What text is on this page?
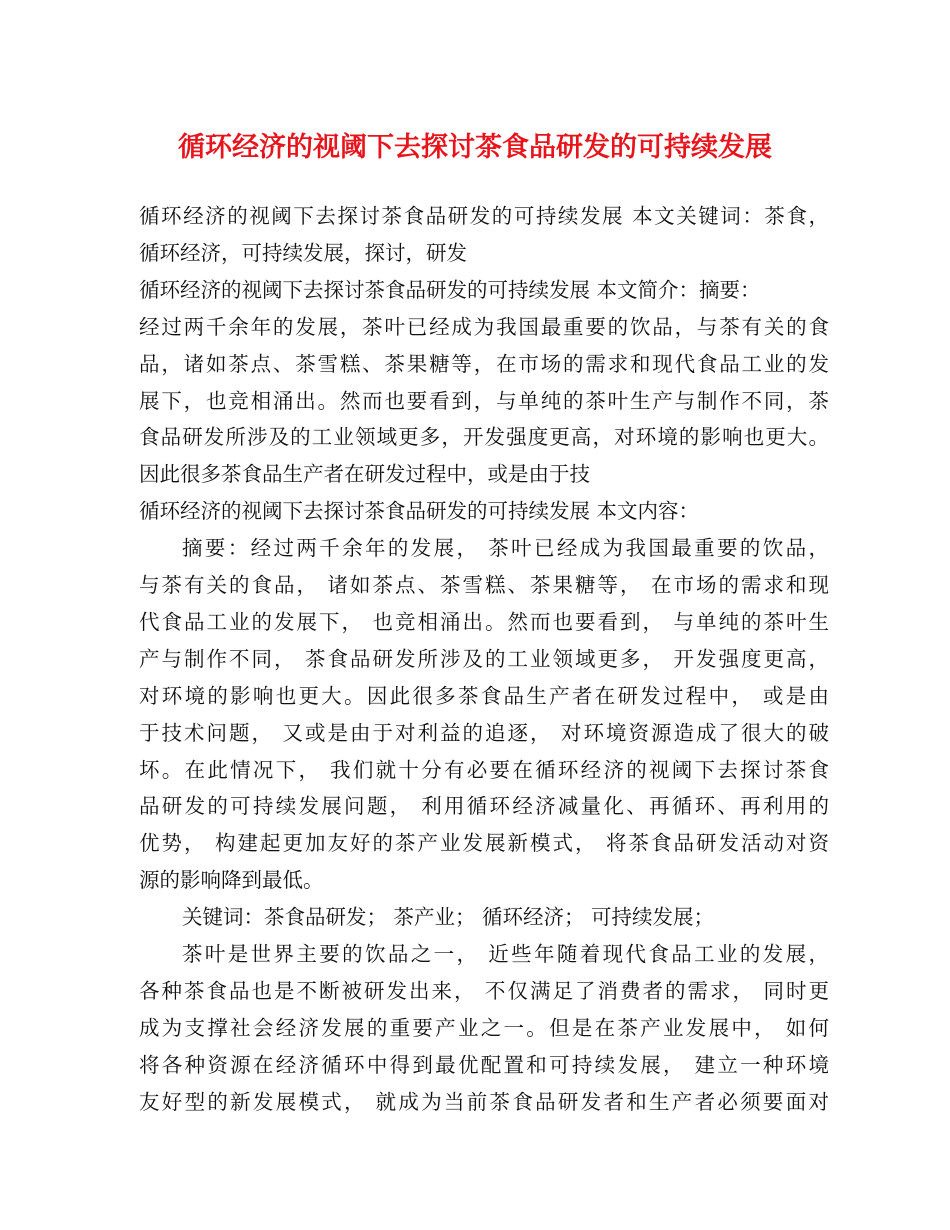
循环经济的视阈下去探讨茶食品研发的可持续发展
循环经济的视阈下去探讨茶食品研发的可持续发展 本文关键词：茶食，
循环经济，可持续发展，探讨，研发
循环经济的视阈下去探讨茶食品研发的可持续发展 本文简介：摘要：
经过两千余年的发展，茶叶已经成为我国最重要的饮品，与茶有关的食
品，诸如茶点、茶雪糕、茶果糖等，在市场的需求和现代食品工业的发
展下，也竞相涌出。然而也要看到，与单纯的茶叶生产与制作不同，茶
食品研发所涉及的工业领域更多，开发强度更高，对环境的影响也更大。
因此很多茶食品生产者在研发过程中，或是由于技
循环经济的视阈下去探讨茶食品研发的可持续发展 本文内容：
摘要：经过两千余年的发展， 茶叶已经成为我国最重要的饮品，
与茶有关的食品， 诸如茶点、茶雪糕、茶果糖等， 在市场的需求和现
代食品工业的发展下， 也竞相涌出。然而也要看到， 与单纯的茶叶生
产与制作不同， 茶食品研发所涉及的工业领域更多， 开发强度更高，
对环境的影响也更大。因此很多茶食品生产者在研发过程中， 或是由
于技术问题， 又或是由于对利益的追逐， 对环境资源造成了很大的破
坏。在此情况下， 我们就十分有必要在循环经济的视阈下去探讨茶食
品研发的可持续发展问题， 利用循环经济减量化、再循环、再利用的
优势， 构建起更加友好的茶产业发展新模式， 将茶食品研发活动对资
源的影响降到最低。
关键词：茶食品研发； 茶产业； 循环经济； 可持续发展；
茶叶是世界主要的饮品之一， 近些年随着现代食品工业的发展，
各种茶食品也是不断被研发出来， 不仅满足了消费者的需求， 同时更
成为支撑社会经济发展的重要产业之一。但是在茶产业发展中， 如何
将各种资源在经济循环中得到最优配置和可持续发展， 建立一种环境
友好型的新发展模式， 就成为当前茶食品研发者和生产者必须要面对
